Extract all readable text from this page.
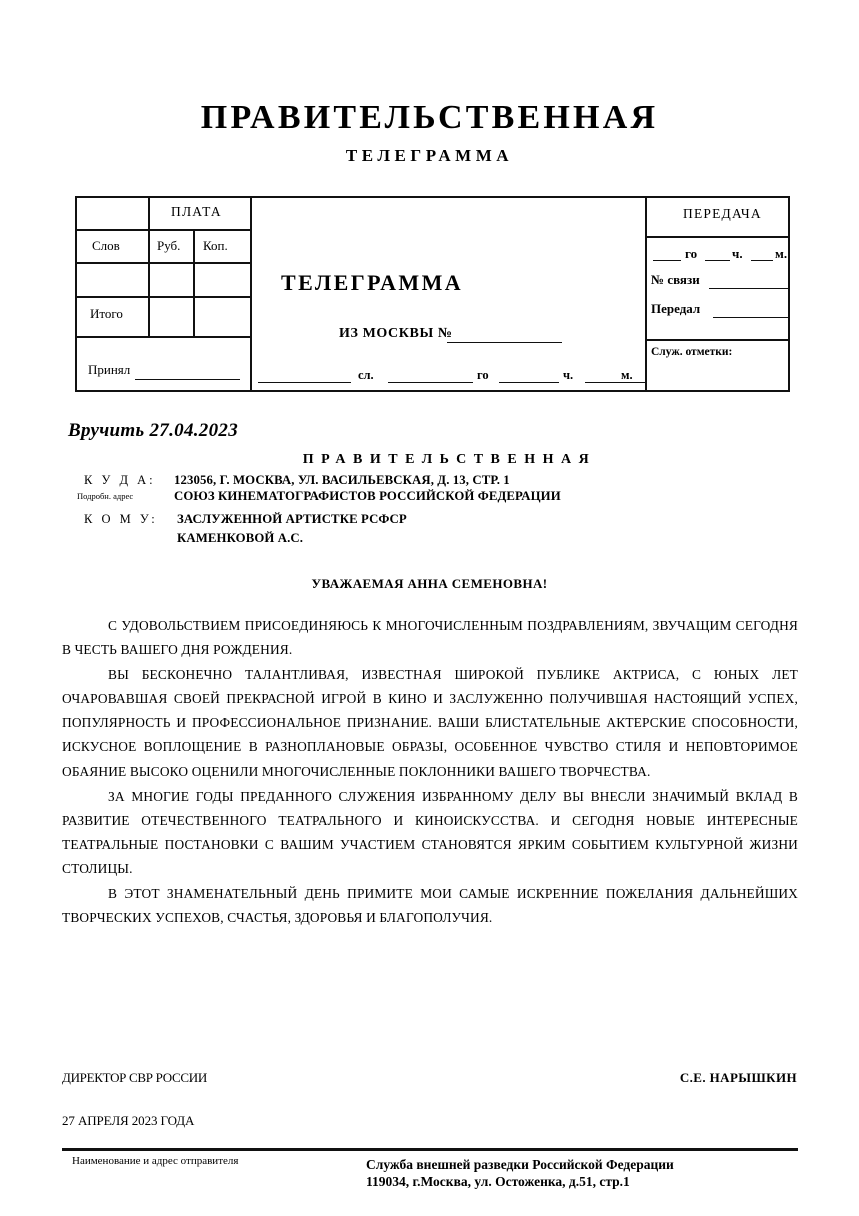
ПРАВИТЕЛЬСТВЕННАЯ
ТЕЛЕГРАММА
ПЛАТА
Слов	Руб. Коп.
Итого
Принял
ТЕЛЕГРАММА
ИЗ МОСКВЫ №
сл.	го	ч.	м.
ПЕРЕДАЧА
го	ч. м.
№ связи
Передал
Служ. отметки:
Вручить 27.04.2023
ПРАВИТЕЛЬСТВЕННАЯ
К У Д А: 123056, Г. МОСКВА, УЛ. ВАСИЛЬЕВСКАЯ, Д. 13, СТР. 1
Подробн. адрес	СОЮЗ КИНЕМАТОГРАФИСТОВ РОССИЙСКОЙ ФЕДЕРАЦИИ
К О М У: ЗАСЛУЖЕННОЙ АРТИСТКЕ РСФСР
КАМЕНКОВОЙ А.С.
УВАЖАЕМАЯ АННА СЕМЕНОВНА!

С УДОВОЛЬСТВИЕМ ПРИСОЕДИНЯЮСЬ К МНОГОЧИСЛЕННЫМ ПОЗДРАВЛЕНИЯМ, ЗВУЧАЩИМ СЕГОДНЯ В ЧЕСТЬ ВАШЕГО ДНЯ РОЖДЕНИЯ.

ВЫ БЕСКОНЕЧНО ТАЛАНТЛИВАЯ, ИЗВЕСТНАЯ ШИРОКОЙ ПУБЛИКЕ АКТРИСА, С ЮНЫХ ЛЕТ ОЧАРОВАВШАЯ СВОЕЙ ПРЕКРАСНОЙ ИГРОЙ В КИНО И ЗАСЛУЖЕННО ПОЛУЧИВШАЯ НАСТОЯЩИЙ УСПЕХ, ПОПУЛЯРНОСТЬ И ПРОФЕССИОНАЛЬНОЕ ПРИЗНАНИЕ. ВАШИ БЛИСТАТЕЛЬНЫЕ АКТЕРСКИЕ СПОСОБНОСТИ, ИСКУСНОЕ ВОПЛОЩЕНИЕ В РАЗНОПЛАНОВЫЕ ОБРАЗЫ, ОСОБЕННОЕ ЧУВСТВО СТИЛЯ И НЕПОВТОРИМОЕ ОБАЯНИЕ ВЫСОКО ОЦЕНИЛИ МНОГОЧИСЛЕННЫЕ ПОКЛОННИКИ ВАШЕГО ТВОРЧЕСТВА.

ЗА МНОГИЕ ГОДЫ ПРЕДАННОГО СЛУЖЕНИЯ ИЗБРАННОМУ ДЕЛУ ВЫ ВНЕСЛИ ЗНАЧИМЫЙ ВКЛАД В РАЗВИТИЕ ОТЕЧЕСТВЕННОГО ТЕАТРАЛЬНОГО И КИНОИСКУССТВА. И СЕГОДНЯ НОВЫЕ ИНТЕРЕСНЫЕ ТЕАТРАЛЬНЫЕ ПОСТАНОВКИ С ВАШИМ УЧАСТИЕМ СТАНОВЯТСЯ ЯРКИМ СОБЫТИЕМ КУЛЬТУРНОЙ ЖИЗНИ СТОЛИЦЫ.

В ЭТОТ ЗНАМЕНАТЕЛЬНЫЙ ДЕНЬ ПРИМИТЕ МОИ САМЫЕ ИСКРЕННИЕ ПОЖЕЛАНИЯ ДАЛЬНЕЙШИХ ТВОРЧЕСКИХ УСПЕХОВ, СЧАСТЬЯ, ЗДОРОВЬЯ И БЛАГОПОЛУЧИЯ.

ДИРЕКТОР СВР РОССИИ	С.Е. НАРЫШКИН
27 АПРЕЛЯ 2023 ГОДА
Наименование и адрес отправителя	Служба внешней разведки Российской Федерации
119034, г.Москва, ул. Остоженка, д.51, стр.1
